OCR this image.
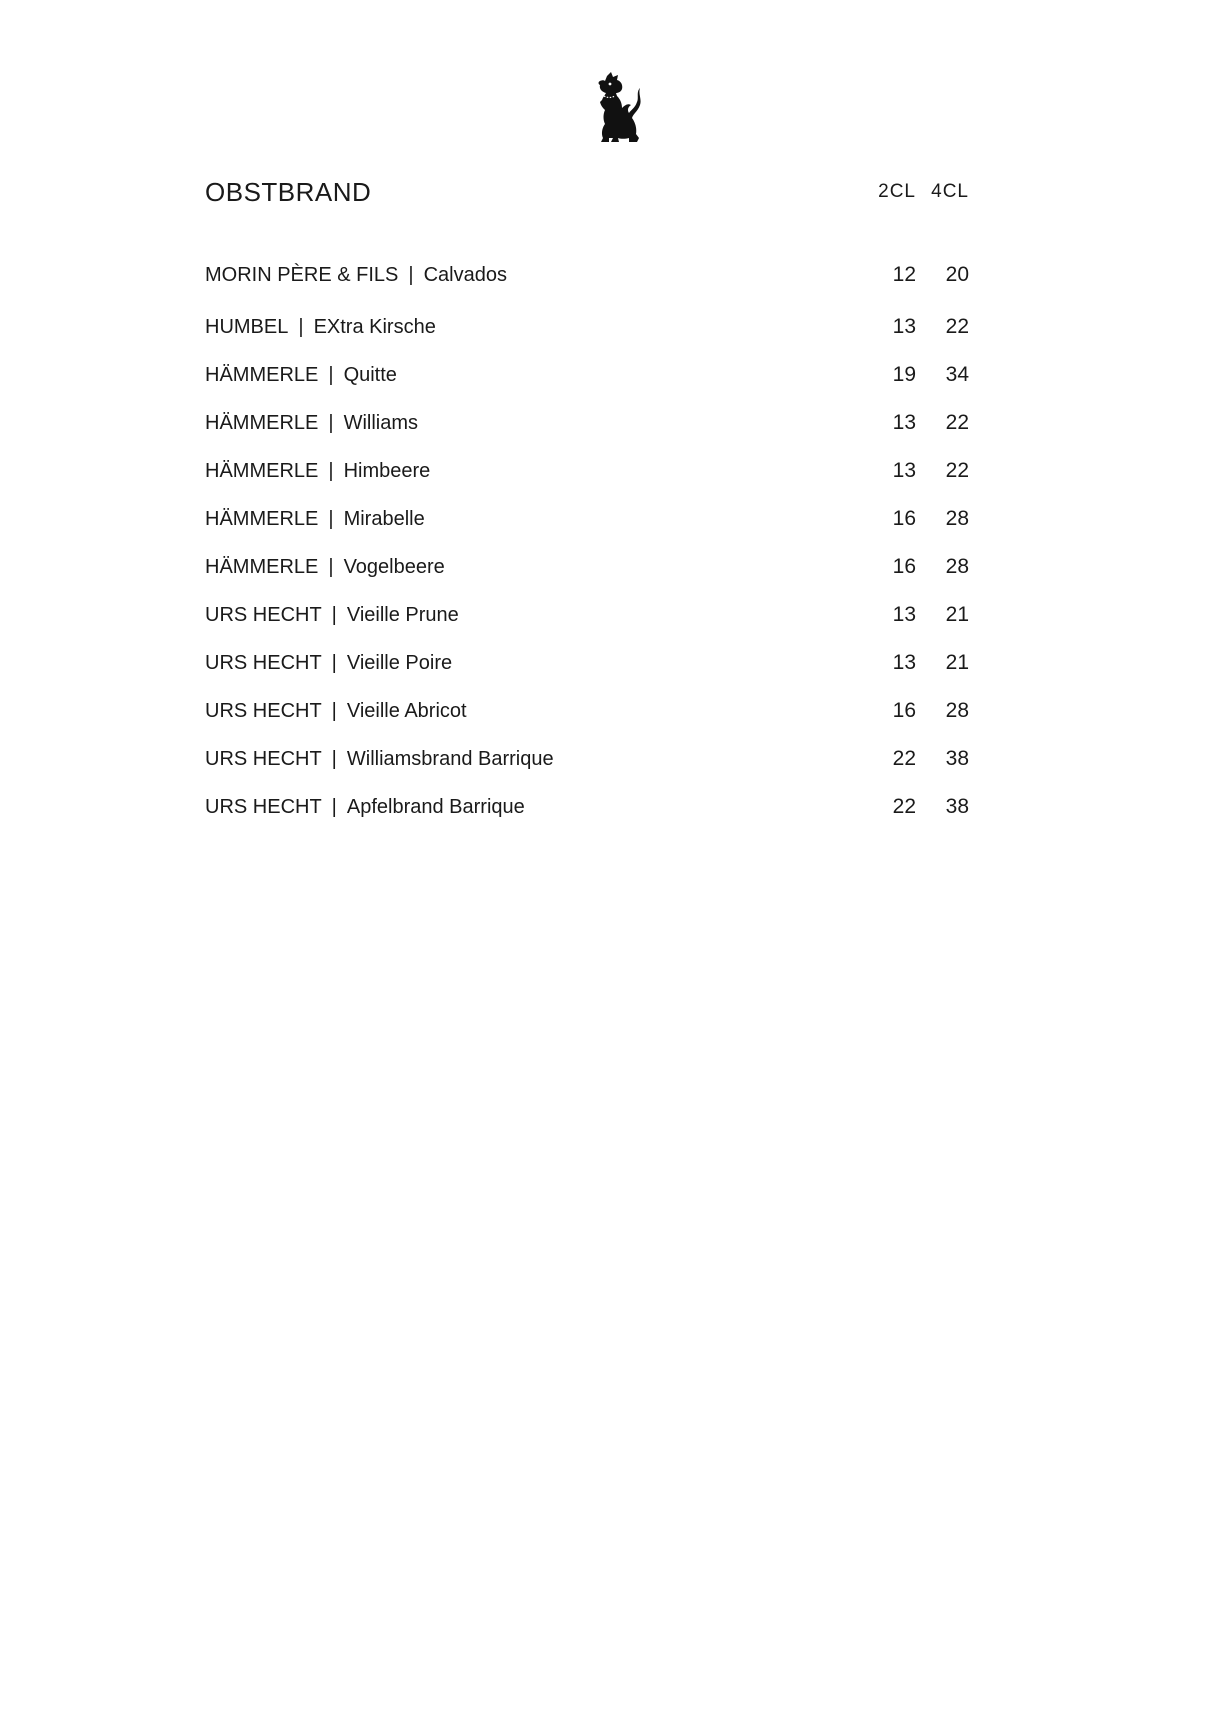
OBSTBRAND	2CL 4CL
MORIN PÈRE & FILS | Calvados	12	20
HUMBEL | EXtra Kirsche	13	22
HÄMMERLE | Quitte	19	34
HÄMMERLE | Williams	13	22
HÄMMERLE | Himbeere	13	22
HÄMMERLE | Mirabelle	16	28
HÄMMERLE | Vogelbeere	16	28
URS HECHT | Vieille Prune	13	21
URS HECHT | Vieille Poire	13	21
URS HECHT | Vieille Abricot	16	28
URS HECHT | Williamsbrand Barrique	22	38
URS HECHT | Apfelbrand Barrique	22	38
